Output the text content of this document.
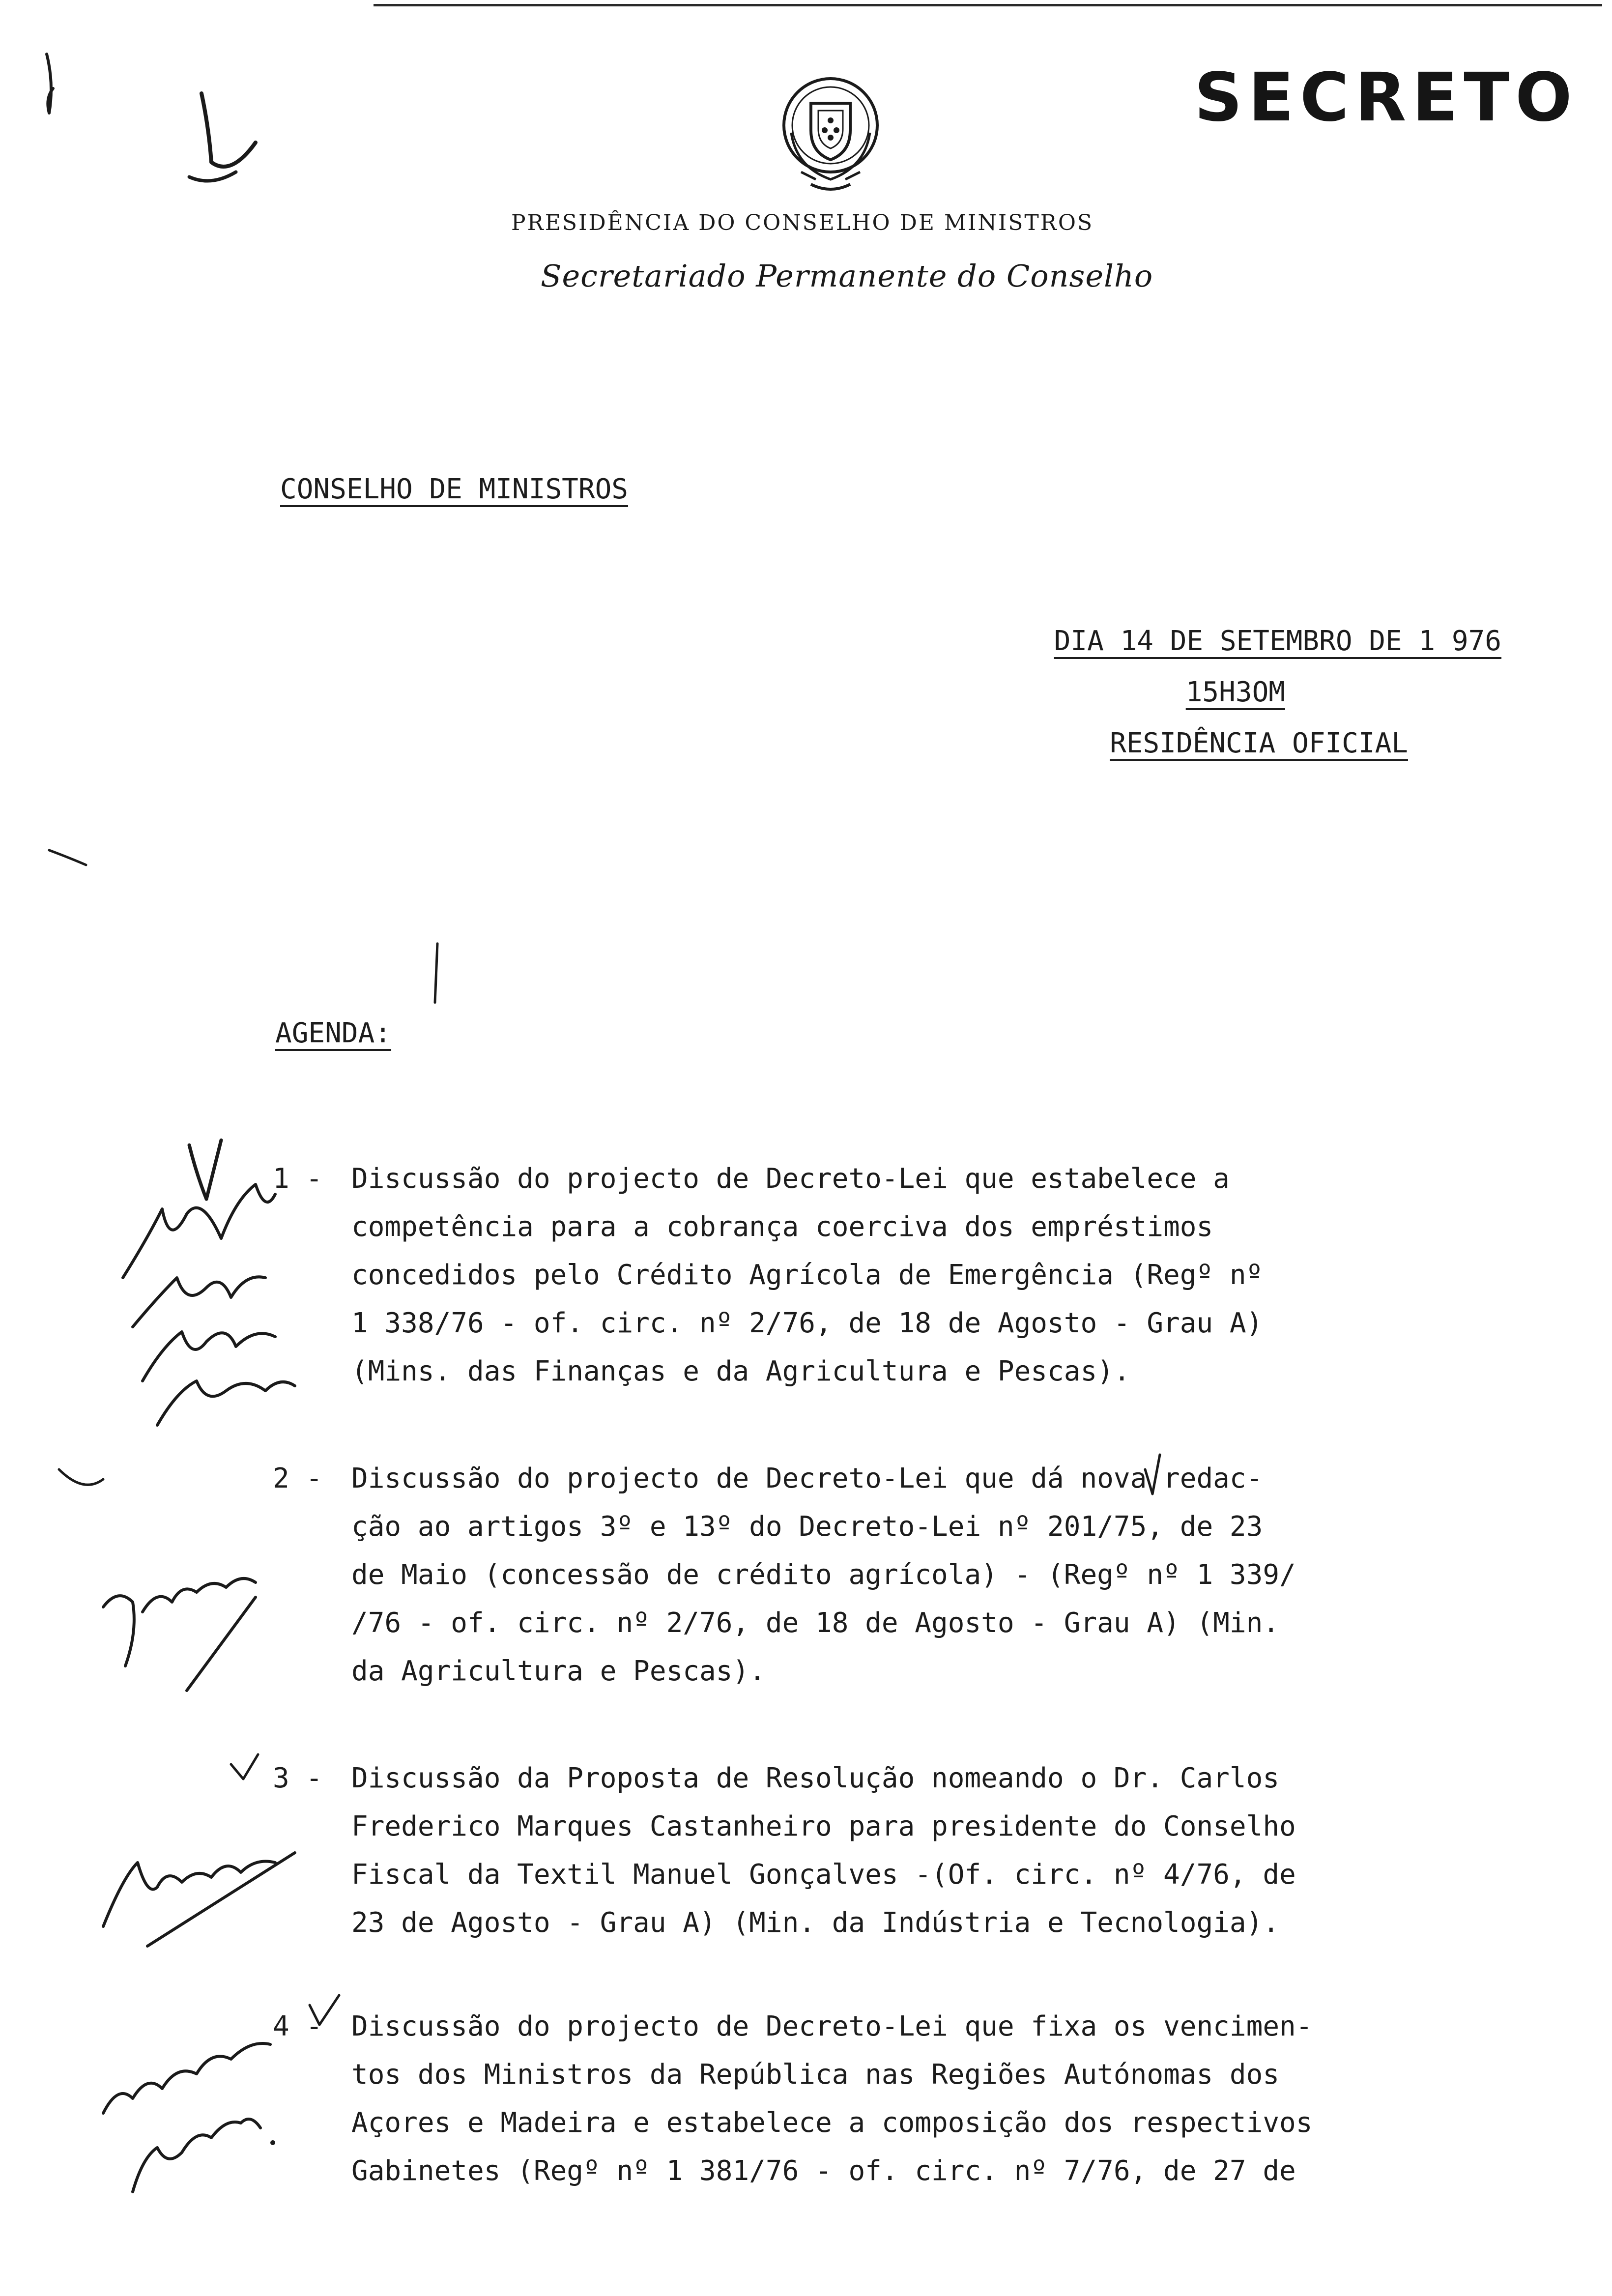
SECRETO
PRESIDÊNCIA DO CONSELHO DE MINISTROS
Secretariado Permanente do Conselho
CONSELHO DE MINISTROS
DIA 14 DE SETEMBRO DE 1 976
15H3OM
RESIDÊNCIA OFICIAL
AGENDA:
1 -	Discussão do projecto de Decreto-Lei que estabelece a
competência para a cobrança coerciva dos empréstimos
concedidos pelo Crédito Agrícola de Emergência (Regº nº
1 338/76 - of. circ. nº 2/76, de 18 de Agosto - Grau A)
(Mins. das Finanças e da Agricultura e Pescas).
2 -	Discussão do projecto de Decreto-Lei que dá nova redac-
ção ao artigos 3º e 13º do Decreto-Lei nº 201/75, de 23
de Maio (concessão de crédito agrícola) - (Regº nº 1 339/
/76 - of. circ. nº 2/76, de 18 de Agosto - Grau A) (Min.
da Agricultura e Pescas).
3 -	Discussão da Proposta de Resolução nomeando o Dr. Carlos
Frederico Marques Castanheiro para presidente do Conselho
Fiscal da Textil Manuel Gonçalves -(Of. circ. nº 4/76, de
23 de Agosto - Grau A) (Min. da Indústria e Tecnologia).
4 -	Discussão do projecto de Decreto-Lei que fixa os vencimen-
tos dos Ministros da República nas Regiões Autónomas dos
Açores e Madeira e estabelece a composição dos respectivos
Gabinetes (Regº nº 1 381/76 - of. circ. nº 7/76, de 27 de
